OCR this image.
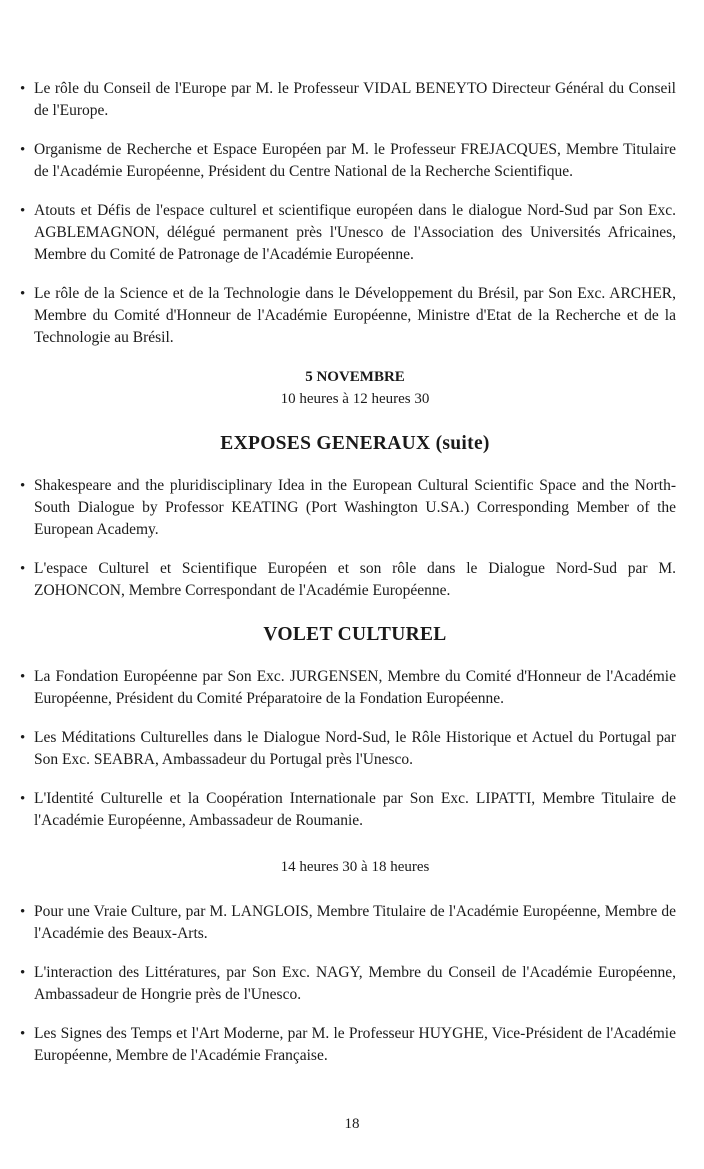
• Le rôle du Conseil de l'Europe par M. le Professeur VIDAL BENEYTO Directeur Général du Conseil de l'Europe.
• Organisme de Recherche et Espace Européen par M. le Professeur FREJACQUES, Membre Titulaire de l'Académie Européenne, Président du Centre National de la Recherche Scientifique.
• Atouts et Défis de l'espace culturel et scientifique européen dans le dialogue Nord-Sud par Son Exc. AGBLEMAGNON, délégué permanent près l'Unesco de l'Association des Universités Africaines, Membre du Comité de Patronage de l'Académie Européenne.
• Le rôle de la Science et de la Technologie dans le Développement du Brésil, par Son Exc. ARCHER, Membre du Comité d'Honneur de l'Académie Européenne, Ministre d'Etat de la Recherche et de la Technologie au Brésil.
5 NOVEMBRE
10 heures à 12 heures 30
EXPOSES GENERAUX (suite)
• Shakespeare and the pluridisciplinary Idea in the European Cultural Scientific Space and the North-South Dialogue by Professor KEATING (Port Washington U.SA.) Corresponding Member of the European Academy.
• L'espace Culturel et Scientifique Européen et son rôle dans le Dialogue Nord-Sud par M. ZOHONCON, Membre Correspondant de l'Académie Européenne.
VOLET CULTUREL
• La Fondation Européenne par Son Exc. JURGENSEN, Membre du Comité d'Honneur de l'Académie Européenne, Président du Comité Préparatoire de la Fondation Européenne.
• Les Méditations Culturelles dans le Dialogue Nord-Sud, le Rôle Historique et Actuel du Portugal par Son Exc. SEABRA, Ambassadeur du Portugal près l'Unesco.
• L'Identité Culturelle et la Coopération Internationale par Son Exc. LIPATTI, Membre Titulaire de l'Académie Européenne, Ambassadeur de Roumanie.
14 heures 30 à 18 heures
• Pour une Vraie Culture, par M. LANGLOIS, Membre Titulaire de l'Académie Européenne, Membre de l'Académie des Beaux-Arts.
• L'interaction des Littératures, par Son Exc. NAGY, Membre du Conseil de l'Académie Européenne, Ambassadeur de Hongrie près de l'Unesco.
• Les Signes des Temps et l'Art Moderne, par M. le Professeur HUYGHE, Vice-Président de l'Académie Européenne, Membre de l'Académie Française.
18
